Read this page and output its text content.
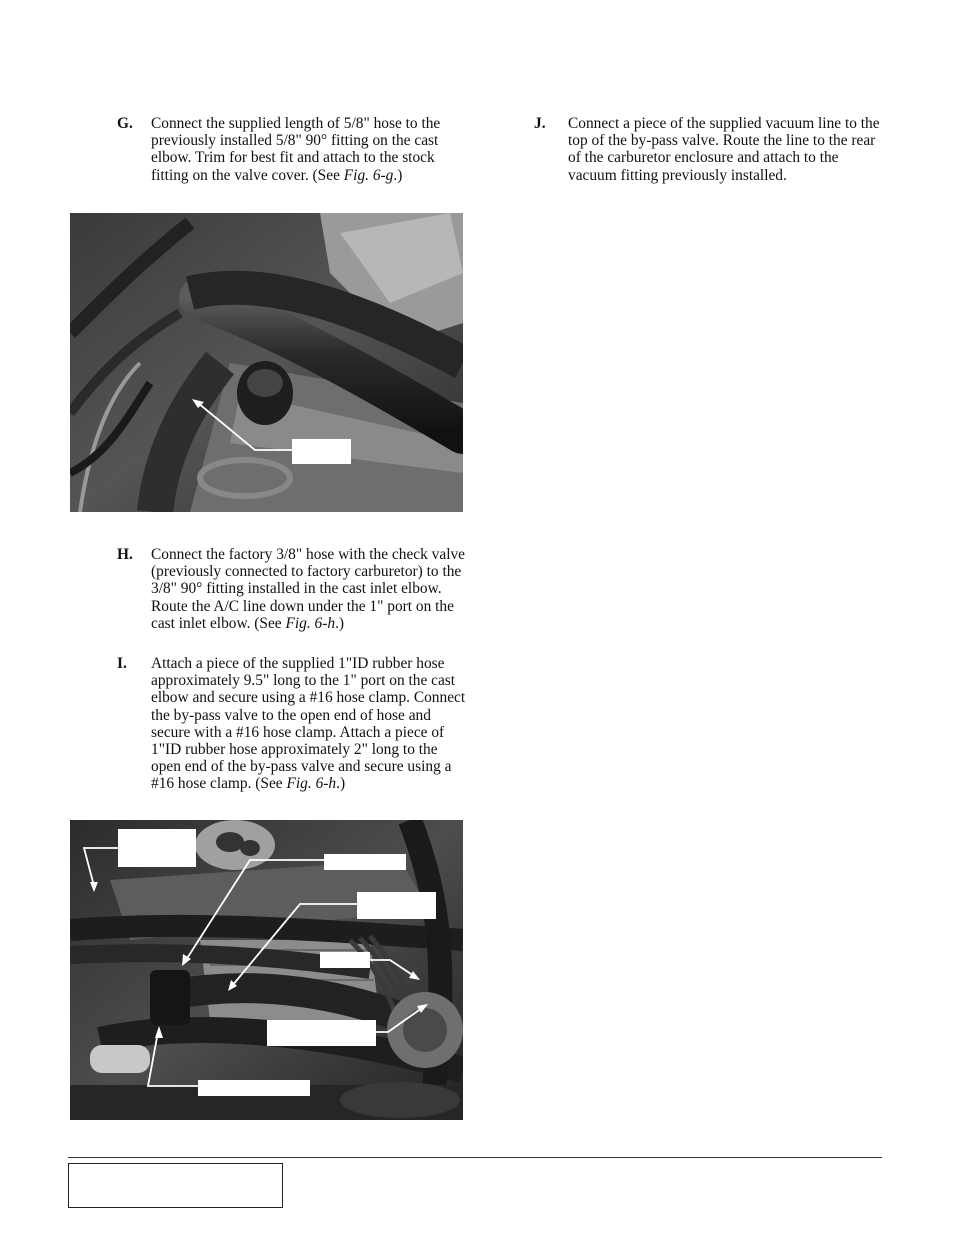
G. Connect the supplied length of 5/8" hose to the previously installed 5/8" 90° fitting on the cast elbow. Trim for best fit and attach to the stock fitting on the valve cover. (See Fig. 6-g.)
H. Connect the factory 3/8" hose with the check valve (previously connected to factory carburetor) to the 3/8" 90° fitting installed in the cast inlet elbow. Route the A/C line down under the 1" port on the cast inlet elbow. (See Fig. 6-h.)
I. Attach a piece of the supplied 1"ID rubber hose approximately 9.5" long to the 1" port on the cast elbow and secure using a #16 hose clamp. Connect the by-pass valve to the open end of hose and secure with a #16 hose clamp. Attach a piece of 1"ID rubber hose approximately 2" long to the open end of the by-pass valve and secure using a #16 hose clamp. (See Fig. 6-h.)
J. Connect a piece of the supplied vacuum line to the top of the by-pass valve. Route the line to the rear of the carburetor enclosure and attach to the vacuum fitting previously installed.
